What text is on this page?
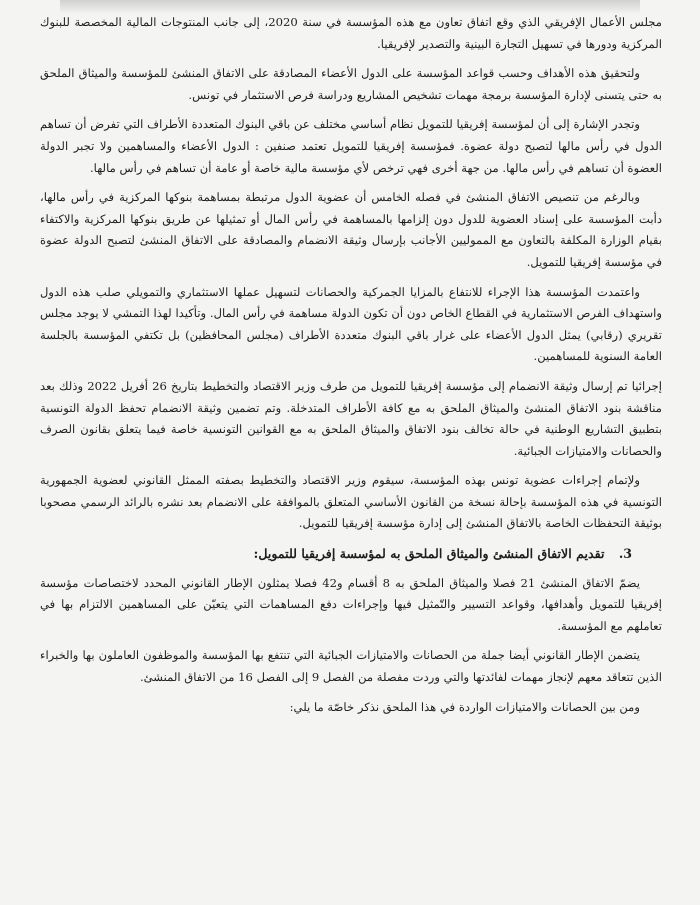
مجلس الأعمال الإفريقي الذي وقع اتفاق تعاون مع هذه المؤسسة في سنة 2020، إلى جانب المنتوجات المالية المخصصة للبنوك المركزية ودورها في تسهيل التجارة البينية والتصدير لإفريقيا.

ولتحقيق هذه الأهداف وحسب قواعد المؤسسة على الدول الأعضاء المصادقة على الاتفاق المنشئ للمؤسسة والميثاق الملحق به حتى يتسنى لإدارة المؤسسة برمجة مهمات تشخيص المشاريع ودراسة فرص الاستثمار في تونس.

وتجدر الإشارة إلى أن لمؤسسة إفريقيا للتمويل نظام أساسي مختلف عن باقي البنوك المتعددة الأطراف التي تفرض أن تساهم الدول في رأس مالها لتصبح دولة عضوة. فمؤسسة إفريقيا للتمويل تعتمد صنفين : الدول الأعضاء والمساهمين ولا تجبر الدولة العضوة أن تساهم في رأس مالها. من جهة أخرى فهي ترخص لأي مؤسسة مالية خاصة أو عامة أن تساهم في رأس مالها.

وبالرغم من تنصيص الاتفاق المنشئ في فصله الخامس أن عضوية الدول مرتبطة بمساهمة بنوكها المركزية في رأس مالها، دأبت المؤسسة على إسناد العضوية للدول دون إلزامها بالمساهمة في رأس المال أو تمثيلها عن طريق بنوكها المركزية والاكتفاء بقيام الوزارة المكلفة بالتعاون مع المموليين الأجانب بإرسال وثيقة الانضمام والمصادقة على الاتفاق المنشئ لتصبح الدولة عضوة في مؤسسة إفريقيا للتمويل.

واعتمدت المؤسسة هذا الإجراء للانتفاع بالمزايا الجمركية والحصانات لتسهيل عملها الاستثماري والتمويلي صلب هذه الدول واستهداف الفرص الاستثمارية في القطاع الخاص دون أن تكون الدولة مساهمة في رأس المال. وتأكيدا لهذا التمشي لا يوجد مجلس تقريري (رقابي) يمثل الدول الأعضاء على غرار باقي البنوك متعددة الأطراف (مجلس المحافظين) بل تكتفي المؤسسة بالجلسة العامة السنوية للمساهمين.

إجرائيا تم إرسال وثيقة الانضمام إلى مؤسسة إفريقيا للتمويل من طرف وزير الاقتصاد والتخطيط بتاريخ 26 أفريل 2022 وذلك بعد مناقشة بنود الاتفاق المنشئ والميثاق الملحق به مع كافة الأطراف المتدخلة. وتم تضمين وثيقة الانضمام تحفظ الدولة التونسية بتطبيق التشاريع الوطنية في حالة تخالف بنود الاتفاق والميثاق الملحق به مع القوانين التونسية خاصة فيما يتعلق بقانون الصرف والحصانات والامتيازات الجبائية.

ولإتمام إجراءات عضوية تونس بهذه المؤسسة، سيقوم وزير الاقتصاد والتخطيط بصفته الممثل القانوني لعضوية الجمهورية التونسية في هذه المؤسسة بإحالة نسخة من القانون الأساسي المتعلق بالموافقة على الانضمام بعد نشره بالرائد الرسمي مصحوبا بوثيقة التحفظات الخاصة بالاتفاق المنشئ إلى إدارة مؤسسة إفريقيا للتمويل.

3. تقديم الاتفاق المنشئ والميثاق الملحق به لمؤسسة إفريقيا للتمويل:

يضمّ الاتفاق المنشئ 21 فصلا والميثاق الملحق به 8 أقسام و42 فصلا يمثلون الإطار القانوني المحدد لاختصاصات مؤسسة إفريقيا للتمويل وأهدافها، وقواعد التسيير والتّمثيل فيها وإجراءات دفع المساهمات التي يتعيّن على المساهمين الالتزام بها في تعاملهم مع المؤسسة.

يتضمن الإطار القانوني أيضا جملة من الحصانات والامتيازات الجبائية التي تنتفع بها المؤسسة والموظفون العاملون بها والخبراء الذين تتعاقد معهم لإنجاز مهمات لفائدتها والتي وردت مفصلة من الفصل 9 إلى الفصل 16 من الاتفاق المنشئ.

ومن بين الحصانات والامتيازات الواردة في هذا الملحق نذكر خاصّة ما يلي:
